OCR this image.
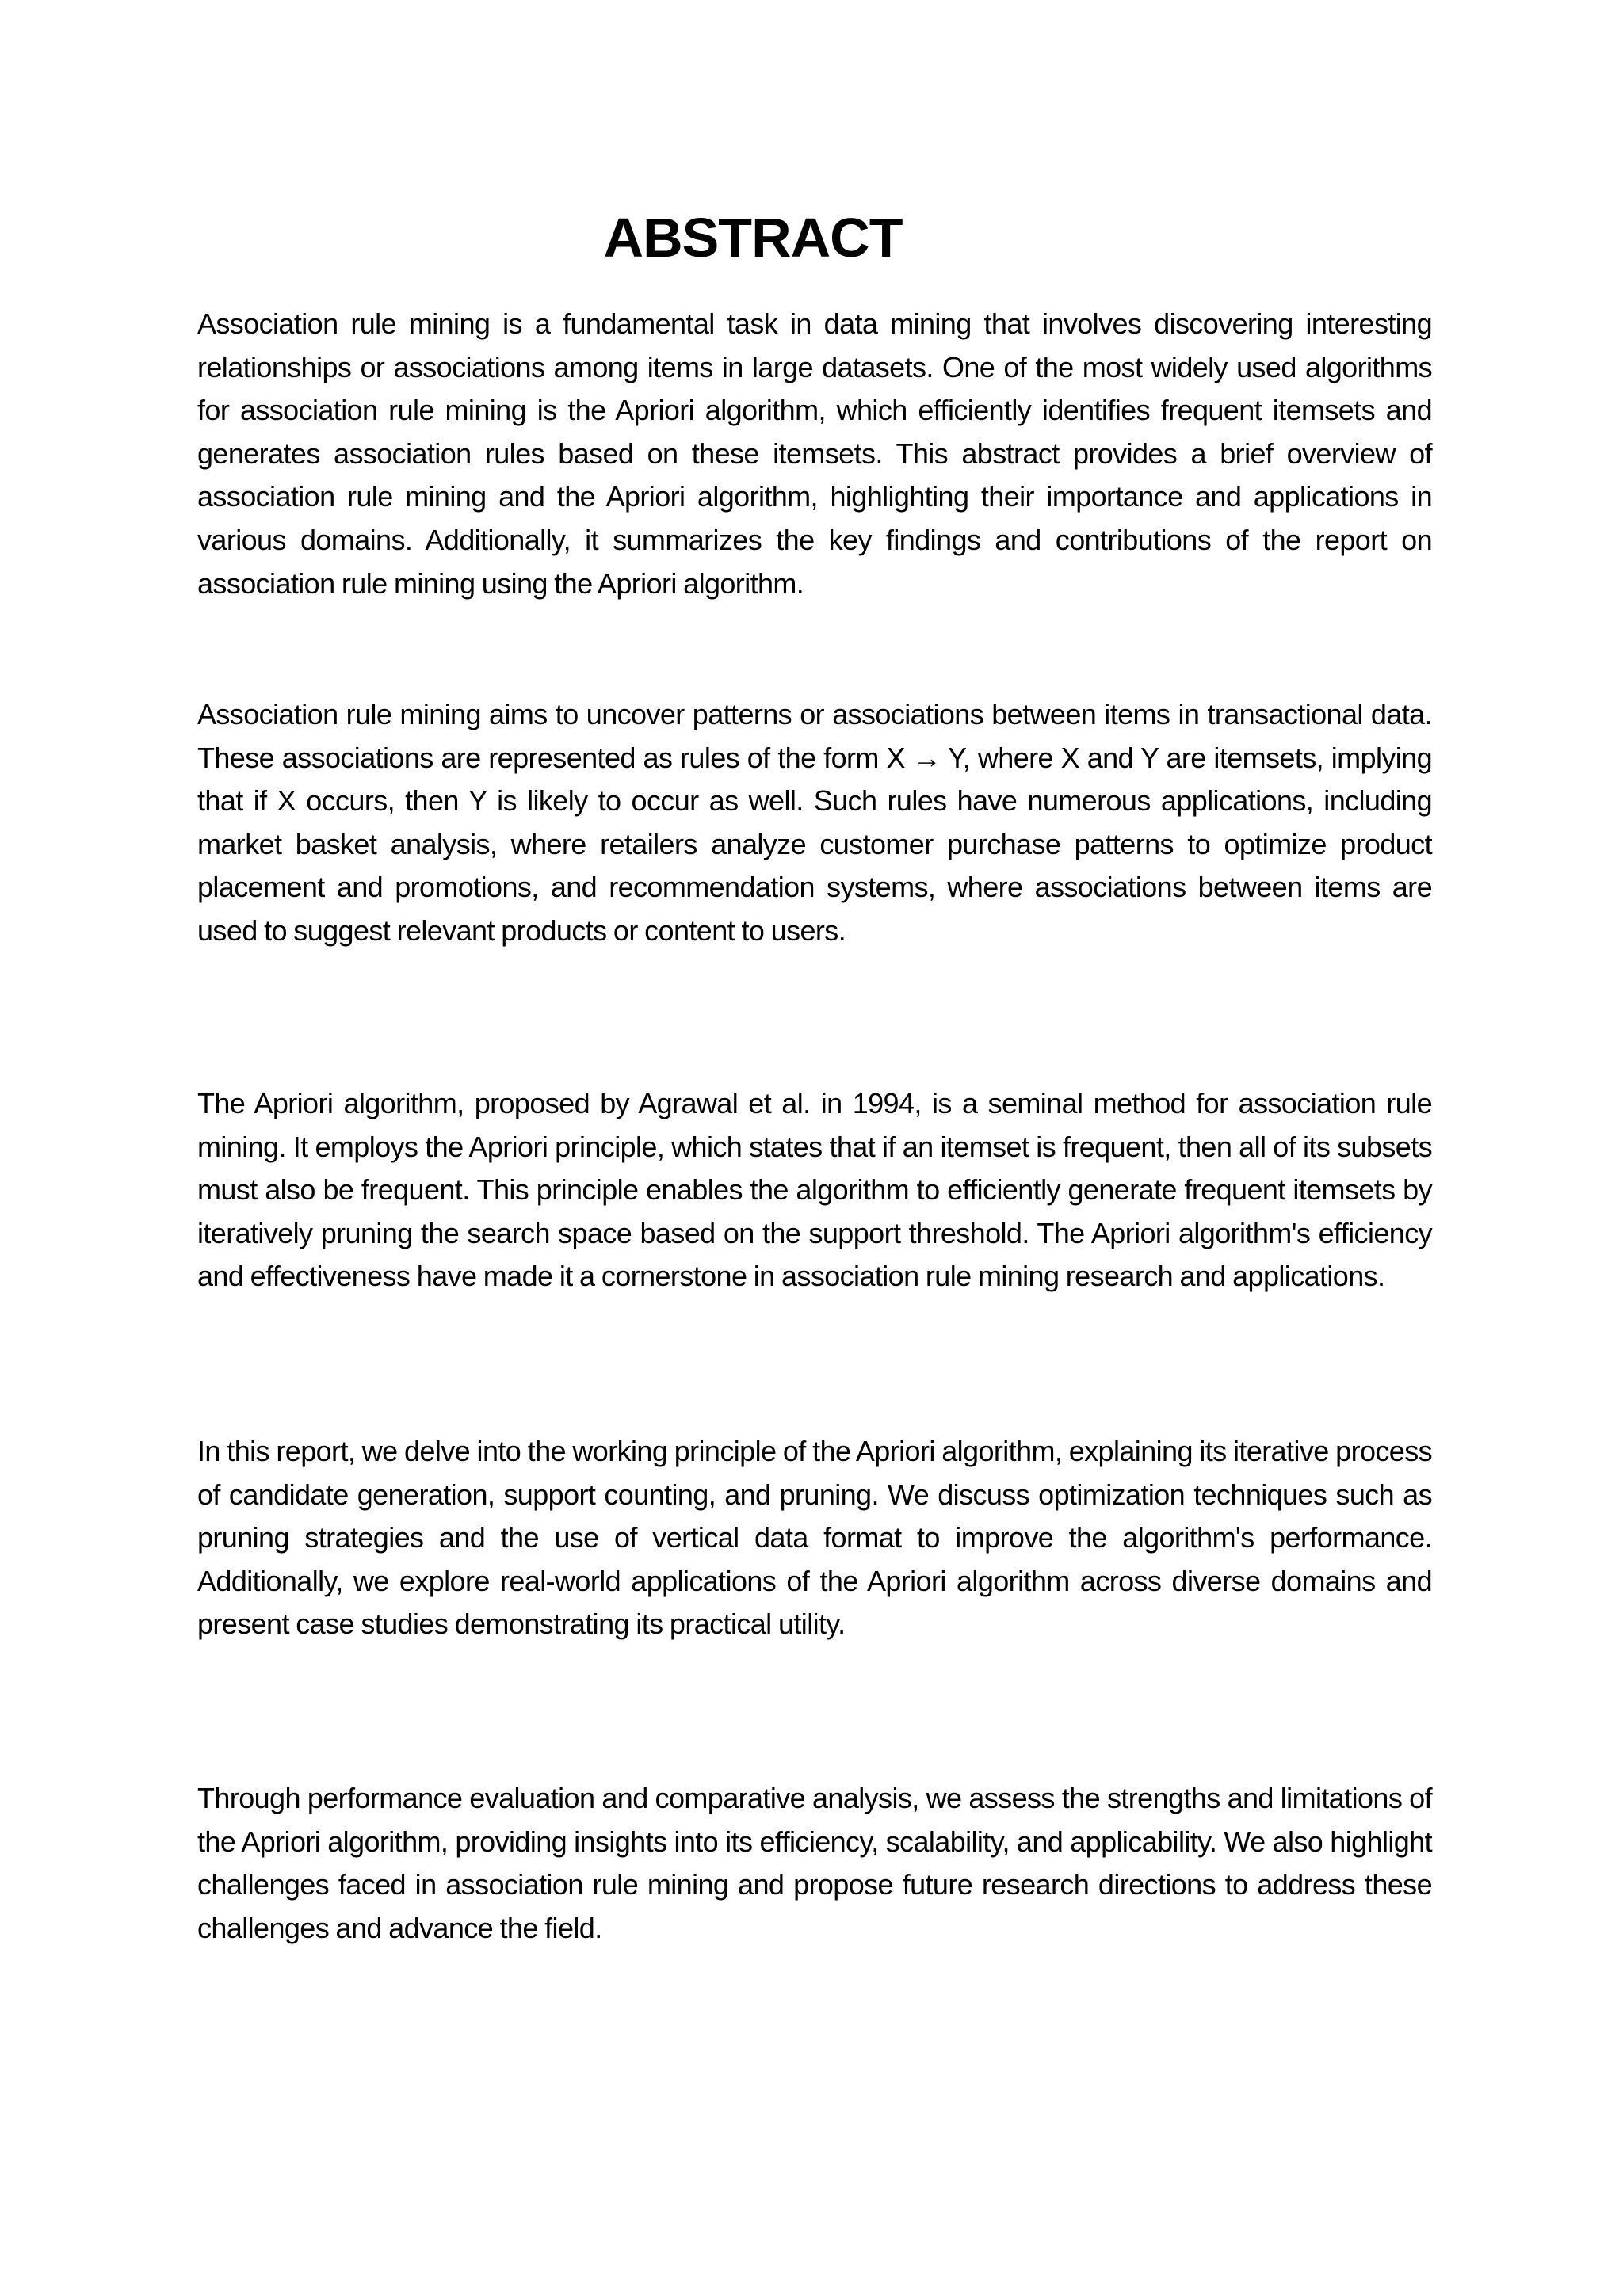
ABSTRACT

Association rule mining is a fundamental task in data mining that involves discovering interesting relationships or associations among items in large datasets. One of the most widely used algorithms for association rule mining is the Apriori algorithm, which efficiently identifies frequent itemsets and generates association rules based on these itemsets. This abstract provides a brief overview of association rule mining and the Apriori algorithm, highlighting their importance and applications in various domains. Additionally, it summarizes the key findings and contributions of the report on association rule mining using the Apriori algorithm.

Association rule mining aims to uncover patterns or associations between items in transactional data. These associations are represented as rules of the form X → Y, where X and Y are itemsets, implying that if X occurs, then Y is likely to occur as well. Such rules have numerous applications, including market basket analysis, where retailers analyze customer purchase patterns to optimize product placement and promotions, and recommendation systems, where associations between items are used to suggest relevant products or content to users.

The Apriori algorithm, proposed by Agrawal et al. in 1994, is a seminal method for association rule mining. It employs the Apriori principle, which states that if an itemset is frequent, then all of its subsets must also be frequent. This principle enables the algorithm to efficiently generate frequent itemsets by iteratively pruning the search space based on the support threshold. The Apriori algorithm's efficiency and effectiveness have made it a cornerstone in association rule mining research and applications.

In this report, we delve into the working principle of the Apriori algorithm, explaining its iterative process of candidate generation, support counting, and pruning. We discuss optimization techniques such as pruning strategies and the use of vertical data format to improve the algorithm's performance. Additionally, we explore real-world applications of the Apriori algorithm across diverse domains and present case studies demonstrating its practical utility.

Through performance evaluation and comparative analysis, we assess the strengths and limitations of the Apriori algorithm, providing insights into its efficiency, scalability, and applicability. We also highlight challenges faced in association rule mining and propose future research directions to address these challenges and advance the field.
